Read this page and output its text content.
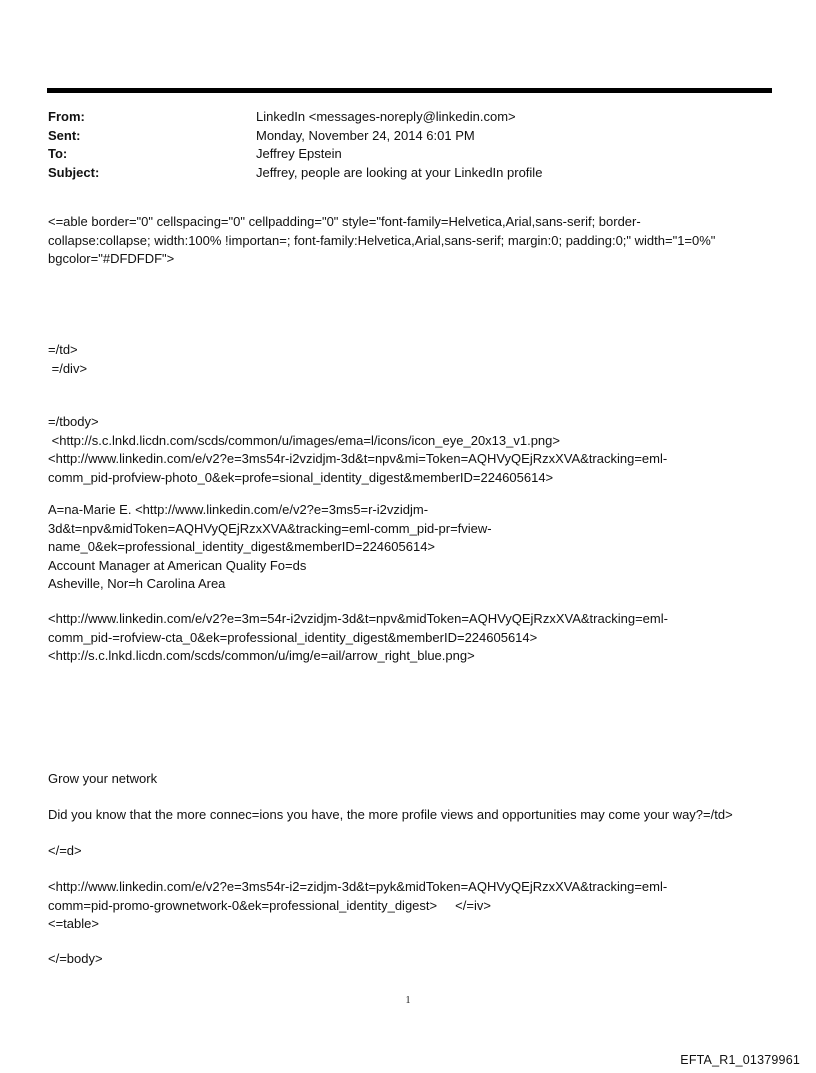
From:	LinkedIn <messages-noreply@linkedin.com>
Sent:	Monday, November 24, 2014 6:01 PM
To:	Jeffrey Epstein
Subject:	Jeffrey, people are looking at your LinkedIn profile
<=able border="0" cellspacing="0" cellpadding="0" style="font-family=Helvetica,Arial,sans-serif; border-
collapse:collapse; width:100% !importan=; font-family:Helvetica,Arial,sans-serif; margin:0; padding:0;" width="1=0%"
bgcolor="#DFDFDF">
=/td>
=/div>
=/tbody>
<http://s.c.lnkd.licdn.com/scds/common/u/images/ema=l/icons/icon_eye_20x13_v1.png>
<http://www.linkedin.com/e/v2?e=3ms54r-i2vzidjm-3d&t=npv&mi=Token=AQHVyQEjRzxXVA&tracking=eml-
comm_pid-profview-photo_0&ek=profe=sional_identity_digest&memberID=224605614>
A=na-Marie E. <http://www.linkedin.com/e/v2?e=3ms5=r-i2vzidjm-
3d&t=npv&midToken=AQHVyQEjRzxXVA&tracking=eml-comm_pid-pr=fview-
name_0&ek=professional_identity_digest&memberID=224605614>
Account Manager at American Quality Fo=ds
Asheville, Nor=h Carolina Area
<http://www.linkedin.com/e/v2?e=3m=54r-i2vzidjm-3d&t=npv&midToken=AQHVyQEjRzxXVA&tracking=eml-
comm_pid-=rofview-cta_0&ek=professional_identity_digest&memberID=224605614>
<http://s.c.lnkd.licdn.com/scds/common/u/img/e=ail/arrow_right_blue.png>
Grow your network
Did you know that the more connec=ions you have, the more profile views and opportunities may come your way?=/td>
</=d>
<http://www.linkedin.com/e/v2?e=3ms54r-i2=zidjm-3d&t=pyk&midToken=AQHVyQEjRzxXVA&tracking=eml-
comm=pid-promo-grownetwork-0&ek=professional_identity_digest>     </=iv>
<=table>
</=body>
1
EFTA_R1_01379961
